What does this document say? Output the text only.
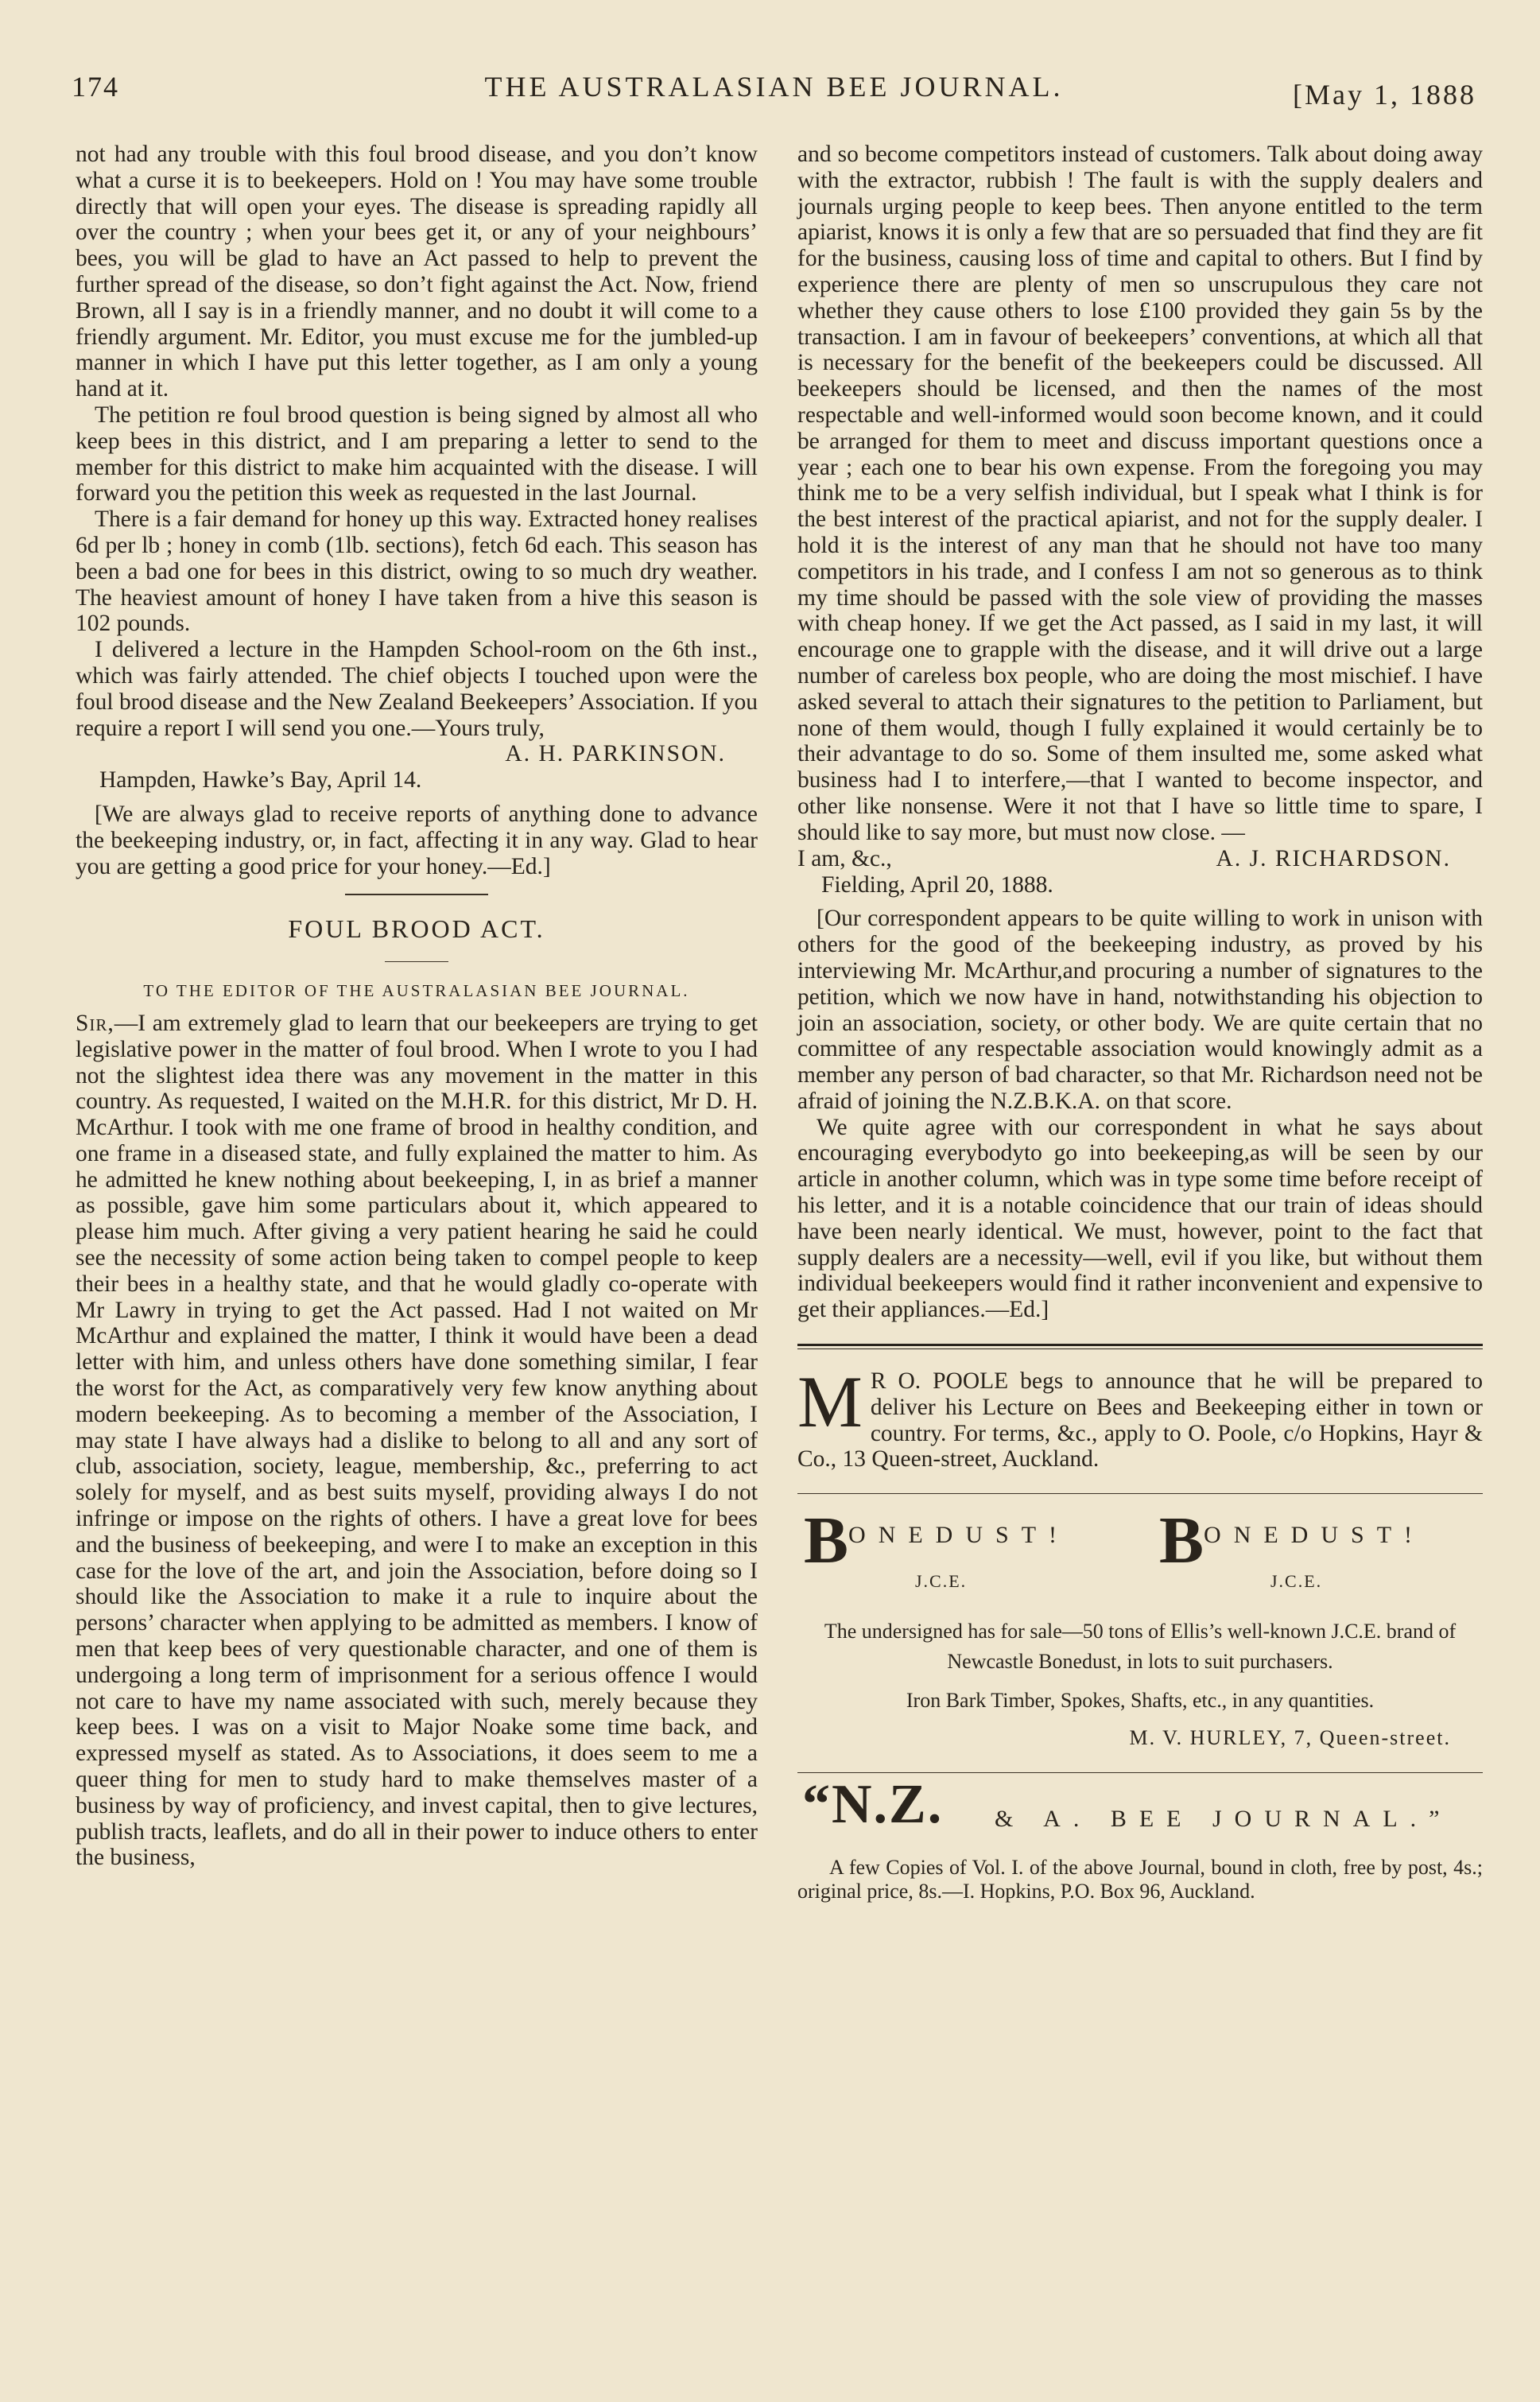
174	THE AUSTRALASIAN BEE JOURNAL.	[May 1, 1888

not had any trouble with this foul brood disease, and you don’t know what a curse it is to beekeepers. Hold on ! You may have some trouble directly that will open your eyes. The disease is spreading rapidly all over the country ; when your bees get it, or any of your neighbours’ bees, you will be glad to have an Act passed to help to prevent the further spread of the disease, so don’t fight against the Act. Now, friend Brown, all I say is in a friendly manner, and no doubt it will come to a friendly argument. Mr. Editor, you must excuse me for the jumbled-up manner in which I have put this letter together, as I am only a young hand at it.

The petition re foul brood question is being signed by almost all who keep bees in this district, and I am preparing a letter to send to the member for this district to make him acquainted with the disease. I will forward you the petition this week as requested in the last Journal.

There is a fair demand for honey up this way. Extracted honey realises 6d per lb ; honey in comb (1lb. sections), fetch 6d each. This season has been a bad one for bees in this district, owing to so much dry weather. The heaviest amount of honey I have taken from a hive this season is 102 pounds.

I delivered a lecture in the Hampden School-room on the 6th inst., which was fairly attended. The chief objects I touched upon were the foul brood disease and the New Zealand Beekeepers’ Association. If you require a report I will send you one.—Yours truly,

A. H. PARKINSON.

Hampden, Hawke’s Bay, April 14.

[We are always glad to receive reports of anything done to advance the beekeeping industry, or, in fact, affecting it in any way. Glad to hear you are getting a good price for your honey.—Ed.]

FOUL BROOD ACT.
TO THE EDITOR OF THE AUSTRALASIAN BEE JOURNAL.

Sir,—I am extremely glad to learn that our beekeepers are trying to get legislative power in the matter of foul brood. When I wrote to you I had not the slightest idea there was any movement in the matter in this country. As requested, I waited on the M.H.R. for this district, Mr D. H. McArthur. I took with me one frame of brood in healthy condition, and one frame in a diseased state, and fully explained the matter to him. As he admitted he knew nothing about beekeeping, I, in as brief a manner as possible, gave him some particulars about it, which appeared to please him much. After giving a very patient hearing he said he could see the necessity of some action being taken to compel people to keep their bees in a healthy state, and that he would gladly co-operate with Mr Lawry in trying to get the Act passed. Had I not waited on Mr McArthur and explained the matter, I think it would have been a dead letter with him, and unless others have done something similar, I fear the worst for the Act, as comparatively very few know anything about modern beekeeping. As to becoming a member of the Association, I may state I have always had a dislike to belong to all and any sort of club, association, society, league, membership, &c., preferring to act solely for myself, and as best suits myself, providing always I do not infringe or impose on the rights of others. I have a great love for bees and the business of beekeeping, and were I to make an exception in this case for the love of the art, and join the Association, before doing so I should like the Association to make it a rule to inquire about the persons’ character when applying to be admitted as members. I know of men that keep bees of very questionable character, and one of them is undergoing a long term of imprisonment for a serious offence I would not care to have my name associated with such, merely because they keep bees. I was on a visit to Major Noake some time back, and expressed myself as stated. As to Associations, it does seem to me a queer thing for men to study hard to make themselves master of a business by way of proficiency, and invest capital, then to give lectures, publish tracts, leaflets, and do all in their power to induce others to enter the business,

and so become competitors instead of customers. Talk about doing away with the extractor, rubbish ! The fault is with the supply dealers and journals urging people to keep bees. Then anyone entitled to the term apiarist, knows it is only a few that are so persuaded that find they are fit for the business, causing loss of time and capital to others. But I find by experience there are plenty of men so unscrupulous they care not whether they cause others to lose £100 provided they gain 5s by the transaction. I am in favour of beekeepers’ conventions, at which all that is necessary for the benefit of the beekeepers could be discussed. All beekeepers should be licensed, and then the names of the most respectable and well-informed would soon become known, and it could be arranged for them to meet and discuss important questions once a year ; each one to bear his own expense. From the foregoing you may think me to be a very selfish individual, but I speak what I think is for the best interest of the practical apiarist, and not for the supply dealer. I hold it is the interest of any man that he should not have too many competitors in his trade, and I confess I am not so generous as to think my time should be passed with the sole view of providing the masses with cheap honey. If we get the Act passed, as I said in my last, it will encourage one to grapple with the disease, and it will drive out a large number of careless box people, who are doing the most mischief. I have asked several to attach their signatures to the petition to Parliament, but none of them would, though I fully explained it would certainly be to their advantage to do so. Some of them insulted me, some asked what business had I to interfere,—that I wanted to become inspector, and other like nonsense. Were it not that I have so little time to spare, I should like to say more, but must now close. —

I am, &c.,	A. J. RICHARDSON.

Fielding, April 20, 1888.

[Our correspondent appears to be quite willing to work in unison with others for the good of the beekeeping industry, as proved by his interviewing Mr. McArthur,and procuring a number of signatures to the petition, which we now have in hand, notwithstanding his objection to join an association, society, or other body. We are quite certain that no committee of any respectable association would knowingly admit as a member any person of bad character, so that Mr. Richardson need not be afraid of joining the N.Z.B.K.A. on that score.

We quite agree with our correspondent in what he says about encouraging everybodyto go into beekeeping,as will be seen by our article in another column, which was in type some time before receipt of his letter, and it is a notable coincidence that our train of ideas should have been nearly identical. We must, however, point to the fact that supply dealers are a necessity—well, evil if you like, but without them individual beekeepers would find it rather inconvenient and expensive to get their appliances.—Ed.]

M R O. POOLE begs to announce that he will be prepared to deliver his Lecture on Bees and Beekeeping either in town or country. For terms, &c., apply to O. Poole, c/o Hopkins, Hayr & Co., 13 Queen-street, Auckland.

B ONEDUST!
J.C.E.
B ONEDUST!
J.C.E.

The undersigned has for sale—50 tons of Ellis’s well-known J.C.E. brand of Newcastle Bonedust, in lots to suit purchasers.

Iron Bark Timber, Spokes, Shafts, etc., in any quantities.

M. V. HURLEY, 7, Queen-street.

“N.Z. & A. BEE JOURNAL.”

A few Copies of Vol. I. of the above Journal, bound in cloth, free by post, 4s.; original price, 8s.—I. Hopkins, P.O. Box 96, Auckland.
